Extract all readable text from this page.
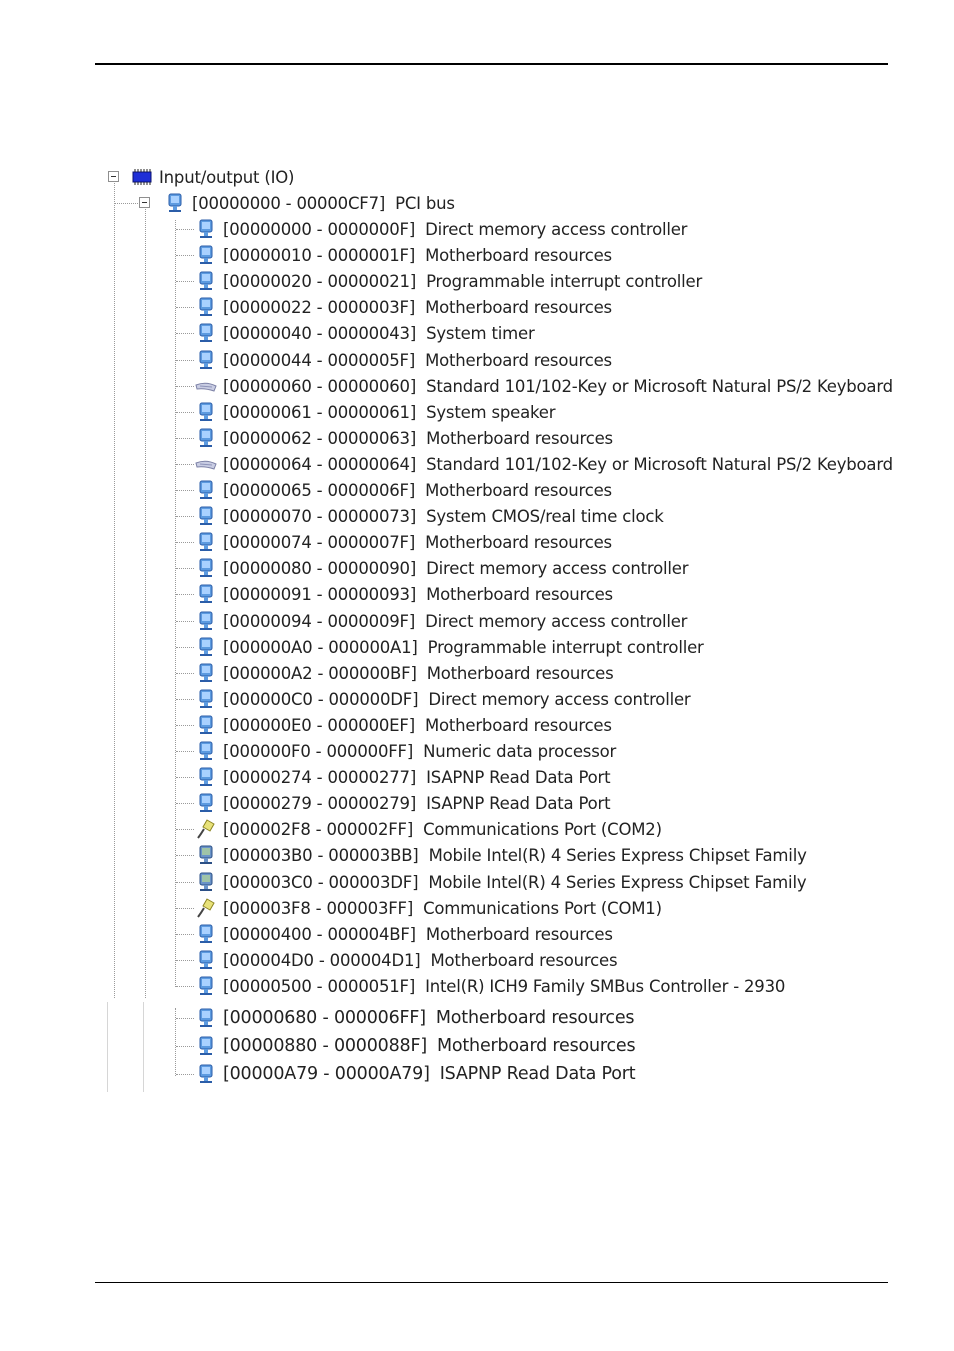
Input/output (IO)
[00000000 - 00000CF7] PCI bus
[00000000 - 0000000F] Direct memory access controller
[00000010 - 0000001F] Motherboard resources
[00000020 - 00000021] Programmable interrupt controller
[00000022 - 0000003F] Motherboard resources
[00000040 - 00000043] System timer
[00000044 - 0000005F] Motherboard resources
[00000060 - 00000060] Standard 101/102-Key or Microsoft Natural PS/2 Keyboard
[00000061 - 00000061] System speaker
[00000062 - 00000063] Motherboard resources
[00000064 - 00000064] Standard 101/102-Key or Microsoft Natural PS/2 Keyboard
[00000065 - 0000006F] Motherboard resources
[00000070 - 00000073] System CMOS/real time clock
[00000074 - 0000007F] Motherboard resources
[00000080 - 00000090] Direct memory access controller
[00000091 - 00000093] Motherboard resources
[00000094 - 0000009F] Direct memory access controller
[000000A0 - 000000A1] Programmable interrupt controller
[000000A2 - 000000BF] Motherboard resources
[000000C0 - 000000DF] Direct memory access controller
[000000E0 - 000000EF] Motherboard resources
[000000F0 - 000000FF] Numeric data processor
[00000274 - 00000277] ISAPNP Read Data Port
[00000279 - 00000279] ISAPNP Read Data Port
[000002F8 - 000002FF] Communications Port (COM2)
[000003B0 - 000003BB] Mobile Intel(R) 4 Series Express Chipset Family
[000003C0 - 000003DF] Mobile Intel(R) 4 Series Express Chipset Family
[000003F8 - 000003FF] Communications Port (COM1)
[00000400 - 000004BF] Motherboard resources
[000004D0 - 000004D1] Motherboard resources
[00000500 - 0000051F] Intel(R) ICH9 Family SMBus Controller - 2930
[00000680 - 000006FF] Motherboard resources
[00000880 - 0000088F] Motherboard resources
[00000A79 - 00000A79] ISAPNP Read Data Port
